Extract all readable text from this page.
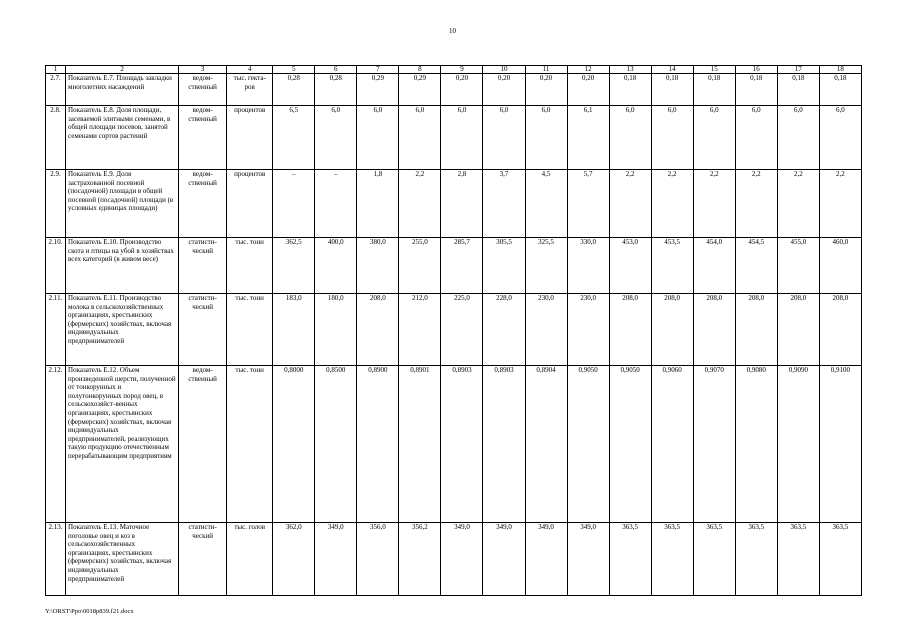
10
1	2	3	4	5	6	7	8	9	10	11	12	13	14	15	16	17	18
2.7.	Показатель Е.7. Площадь закладки многолетних насаждений	ведом-ственный	тыс. гекта-ров	0,28	0,28	0,29	0,29	0,20	0,20	0,20	0,20	0,18	0,18	0,18	0,18	0,18	0,18
2.8.	Показатель Е.8. Доля площади, засеваемой элитными семенами, в общей площади посевов, занятой семенами сортов растений	ведом-ственный	процентов	6,5	6,0	6,0	6,0	6,0	6,0	6,0	6,1	6,0	6,0	6,0	6,0	6,0	6,0
2.9.	Показатель Е.9. Доля застрахованной посевной (посадочной) площади в общей посевной (посадочной) площади (в условных единицах площади)	ведом-ственный	процентов	–	–	1,8	2,2	2,8	3,7	4,5	5,7	2,2	2,2	2,2	2,2	2,2	2,2
2.10.	Показатель Е.10. Производство скота и птицы на убой в хозяйствах всех категорий (в живом весе)	статисти-ческий	тыс. тонн	362,5	400,0	380,0	255,0	285,7	305,5	325,5	330,0	453,0	453,5	454,0	454,5	455,0	460,0
2.11.	Показатель Е.11. Производство молока в сельскохозяйственных организациях, крестьянских (фермерских) хозяйствах, включая индивидуальных предпринимателей	статисти-ческий	тыс. тонн	183,0	180,0	208,0	212,0	225,0	228,0	230,0	230,0	208,0	208,0	208,0	208,0	208,0	208,0
2.12.	Показатель Е.12. Объем произведенной шерсти, полученной от тонкорунных и полутонкорунных пород овец, в сельскохозяйст-венных организациях, крестьянских (фермерских) хозяйствах, включая индивидуальных предпринимателей, реализующих такую продукцию отечественным перерабатывающим предприятиям	ведом-ственный	тыс. тонн	0,8000	0,8500	0,8900	0,8901	0,8903	0,8903	0,8904	0,9050	0,9050	0,9060	0,9070	0,9080	0,9090	0,9100
2.13.	Показатель Е.13. Маточное поголовье овец и коз в сельскохозяйственных организациях, крестьянских (фермерских) хозяйствах, включая индивидуальных предпринимателей	статисти-ческий	тыс. голов	362,0	349,0	356,0	356,2	349,0	349,0	349,0	349,0	363,5	363,5	363,5	363,5	363,5	363,5
Y:\ORST\Ppo\0018p839.f21.docx
